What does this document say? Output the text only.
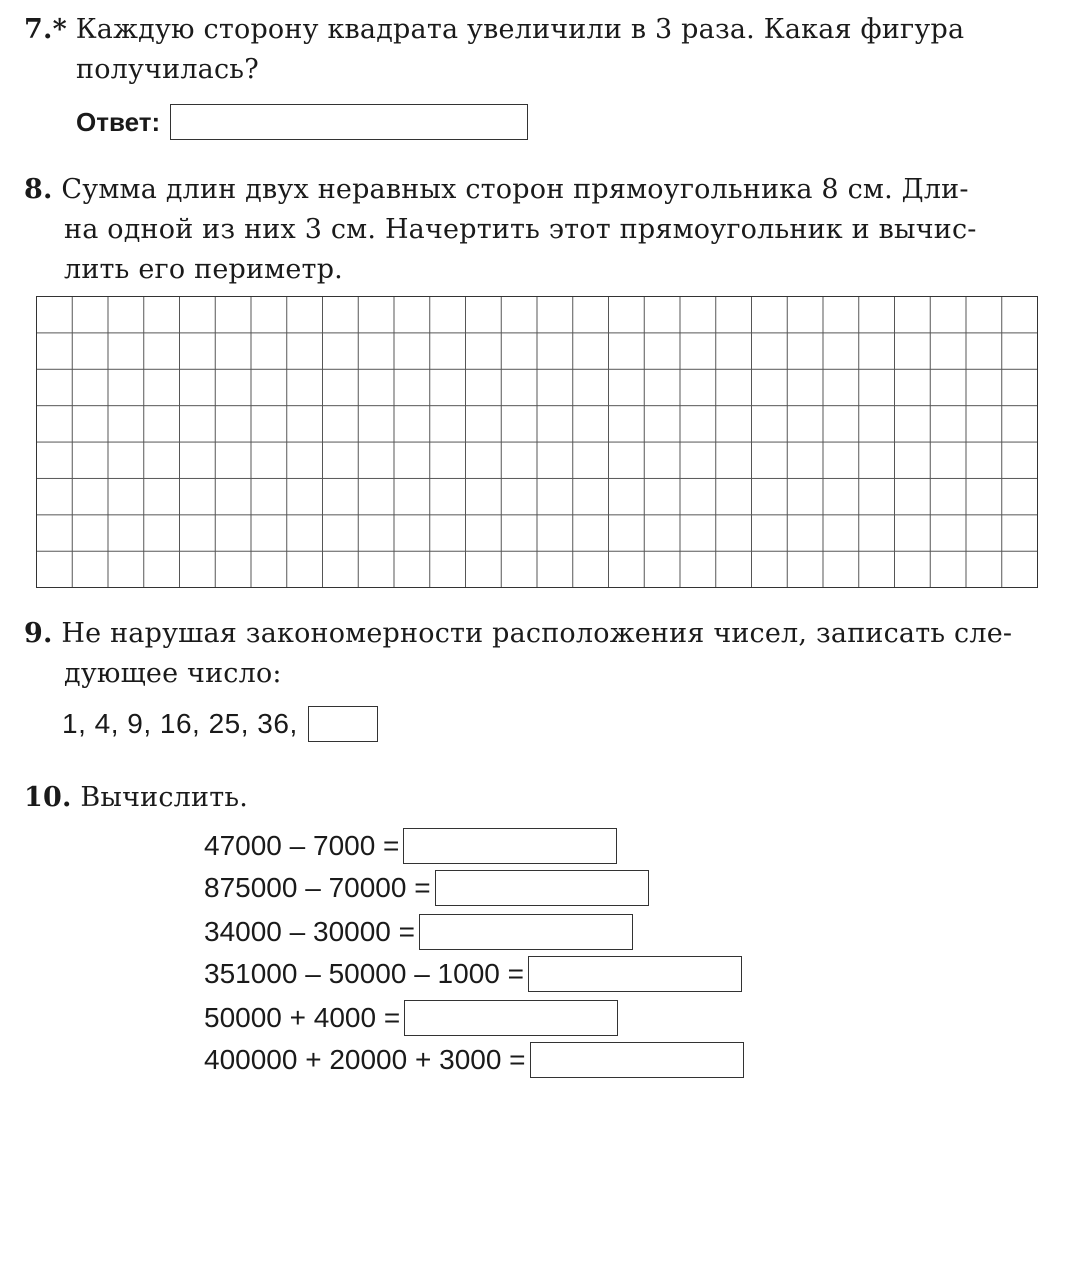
7.* Каждую сторону квадрата увеличили в 3 раза. Какая фигура
получилась?
Ответ:
8. Сумма длин двух неравных сторон прямоугольника 8 см. Дли-
на одной из них 3 см. Начертить этот прямоугольник и вычис-
лить его периметр.
9. Не нарушая закономерности расположения чисел, записать сле-
дующее число:
1, 4, 9, 16, 25, 36,
10. Вычислить.
47000 – 7000 =
875000 – 70000 =
34000 – 30000 =
351000 – 50000 – 1000 =
50000 + 4000 =
400000 + 20000 + 3000 =
